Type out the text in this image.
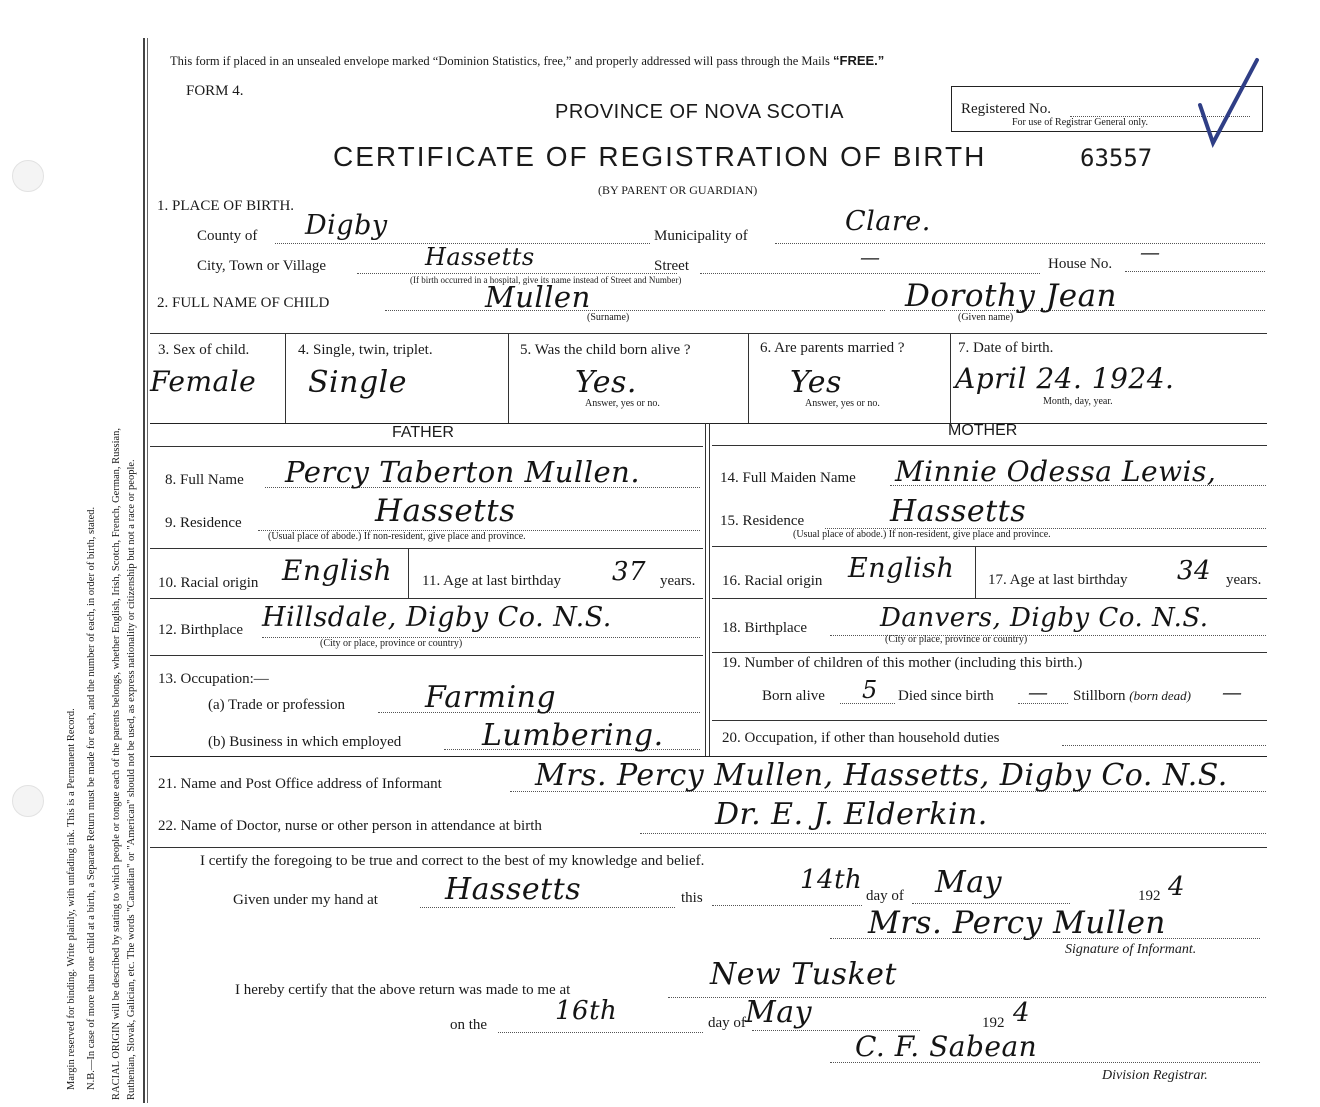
Margin reserved for binding. Write plainly, with unfading ink. This is a Permanent Record. N.B.—In case of more than one child at a birth, a Separate Return must be made for each, and the number of each, in order of birth, stated. RACIAL ORIGIN will be described by stating to which people or tongue each of the parents belongs, whether English, Irish, Scotch, French, German, Russian, Ruthenian, Slovak, Galician, etc. The words "Canadian" or "American" should not be used, as express nationality or citizenship but not a race or people.
This form if placed in an unsealed envelope marked “Dominion Statistics, free,” and properly addressed will pass through the Mails “FREE.”
FORM 4.
PROVINCE OF NOVA SCOTIA	Registered No.
For use of Registrar General only.
CERTIFICATE OF REGISTRATION OF BIRTH	63557
(BY PARENT OR GUARDIAN)
1. PLACE OF BIRTH.
County of Digby	Municipality of	Clare.
City, Town or Village	Hassetts
(If birth occurred in a hospital, give its name instead of Street and Number)
Street	—	House No. —
2. FULL NAME OF CHILD	Mullen
(Surname)
Dorothy Jean
(Given name)
3. Sex of child.
Female
4. Single, twin, triplet.
Single
5. Was the child born alive ?
Yes.
Answer, yes or no.
6. Are parents married ?
Yes
Answer, yes or no.
7. Date of birth.
April 24. 1924.
Month, day, year.
FATHER	MOTHER
8. Full Name Percy Taberton Mullen.
9. Residence	Hassetts
(Usual place of abode.) If non-resident, give place and province.
10. Racial origin English 11. Age at last birthday 37 years.
12. Birthplace Hillsdale, Digby Co. N.S.
(City or place, province or country)
13. Occupation:—
(a) Trade or profession	Farming
(b) Business in which employed	Lumbering.
14. Full Maiden Name Minnie Odessa Lewis,
15. Residence	Hassetts
(Usual place of abode.) If non-resident, give place and province.
16. Racial origin English 17. Age at last birthday 34 years.
18. Birthplace	Danvers, Digby Co. N.S.
(City or place, province or country)
19. Number of children of this mother (including this birth.)
Born alive 5 Died since birth — Stillborn (born dead) —
20. Occupation, if other than household duties
21. Name and Post Office address of Informant	Mrs. Percy Mullen, Hassetts, Digby Co. N.S.
22. Name of Doctor, nurse or other person in attendance at birth	Dr. E. J. Elderkin.
I certify the foregoing to be true and correct to the best of my knowledge and belief.
Given under my hand at Hassetts	this
14th
day of May	192 4
Mrs. Percy Mullen
Signature of Informant.
I hereby certify that the above return was made to me at	New Tusket
on the	16th	day of May	192 4
C. F. Sabean
Division Registrar.
